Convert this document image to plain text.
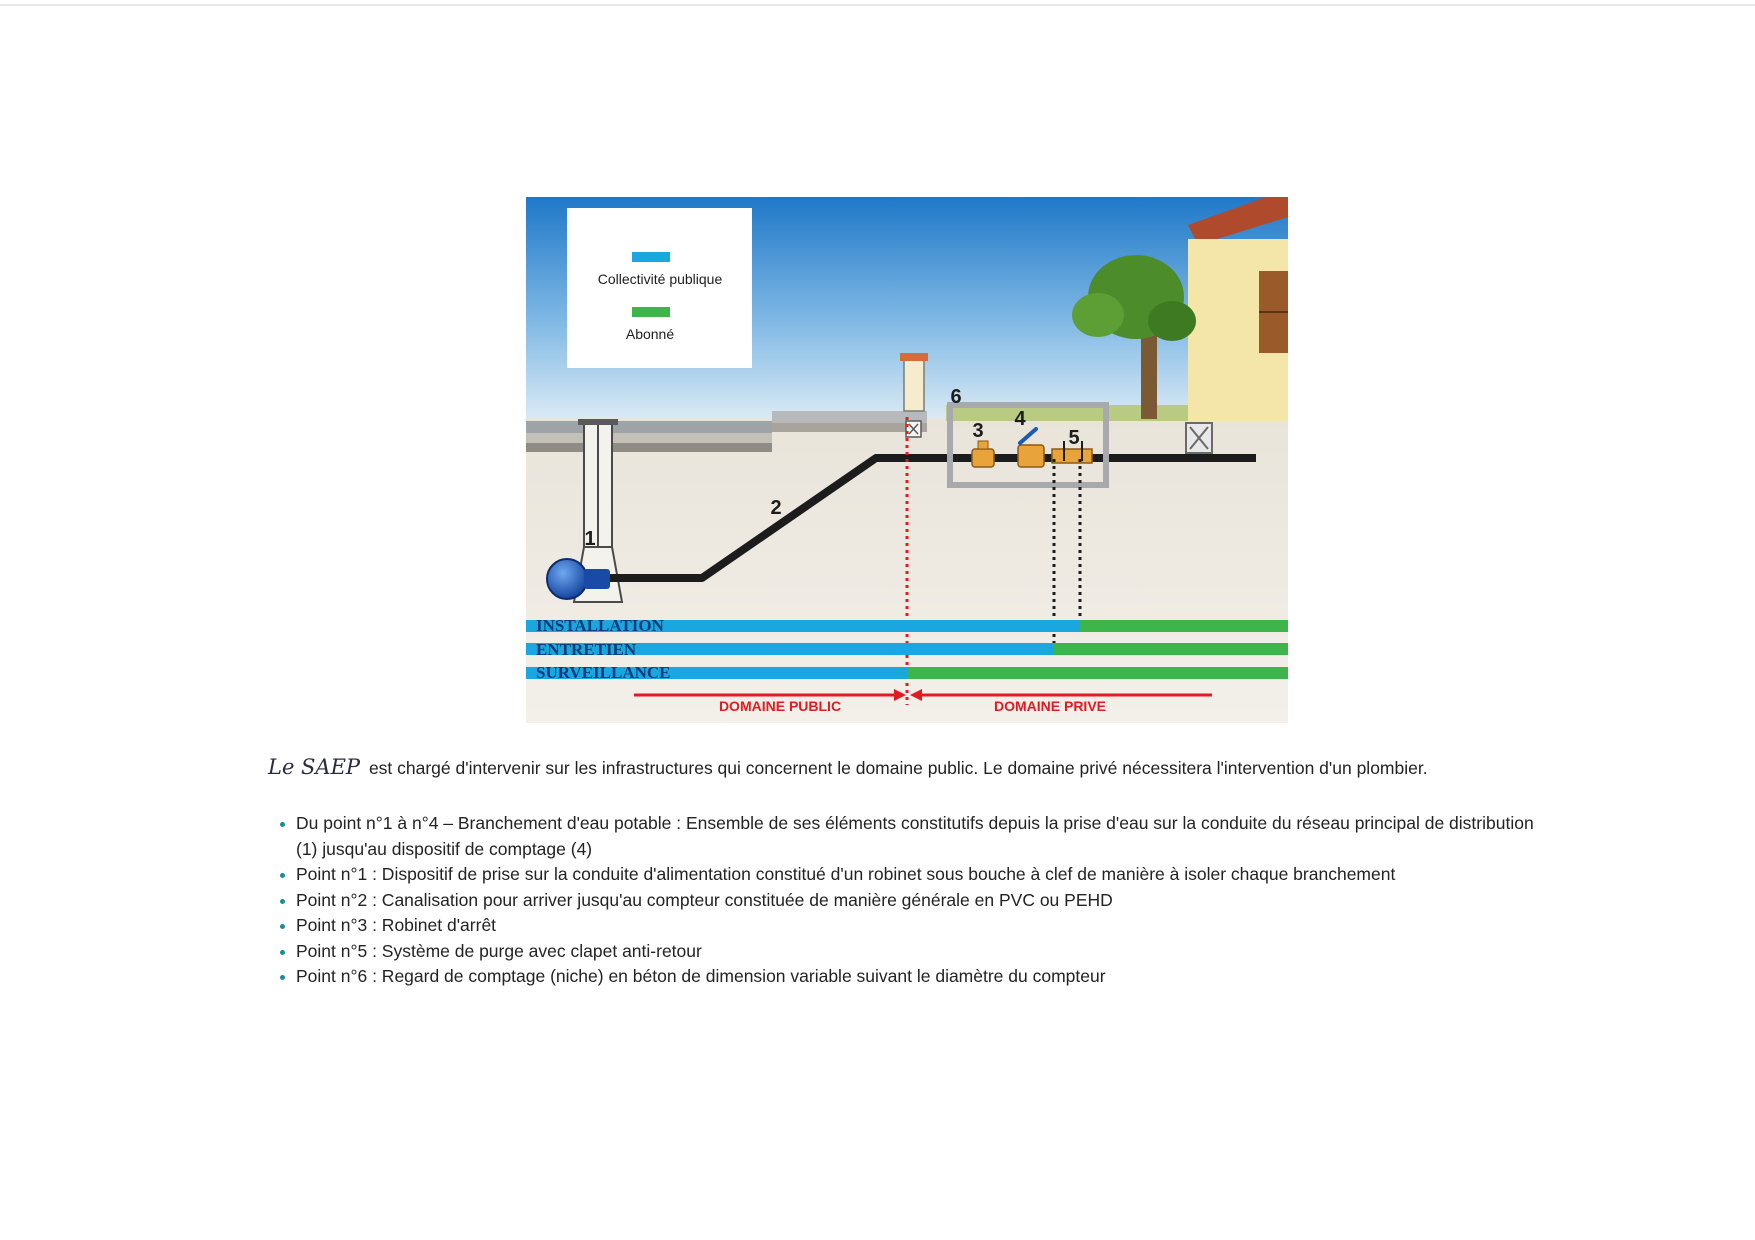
Collectivité publique
Abonné
INSTALLATION
ENTRETIEN
SURVEILLANCE
DOMAINE PUBLIC	DOMAINE PRIVE
1
2
3
4
5
6

Le SAEP est chargé d'intervenir sur les infrastructures qui concernent le domaine public. Le domaine privé nécessitera l'intervention d'un plombier.

Du point n°1 à n°4 – Branchement d'eau potable : Ensemble de ses éléments constitutifs depuis la prise d'eau sur la conduite du réseau principal de distribution (1) jusqu'au dispositif de comptage (4)
Point n°1 : Dispositif de prise sur la conduite d'alimentation constitué d'un robinet sous bouche à clef de manière à isoler chaque branchement
Point n°2 : Canalisation pour arriver jusqu'au compteur constituée de manière générale en PVC ou PEHD
Point n°3 : Robinet d'arrêt
Point n°5 : Système de purge avec clapet anti-retour
Point n°6 : Regard de comptage (niche) en béton de dimension variable suivant le diamètre du compteur
